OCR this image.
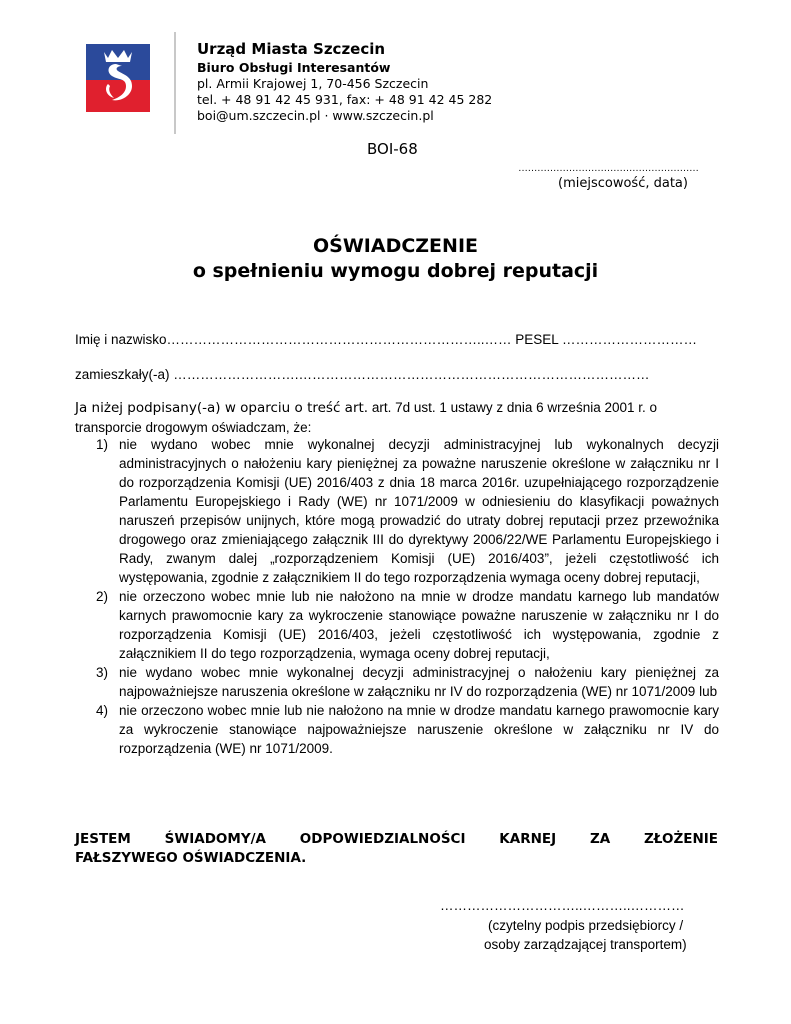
Urząd Miasta Szczecin
Biuro Obsługi Interesantów
pl. Armii Krajowej 1, 70-456 Szczecin
tel. + 48 91 42 45 931, fax: + 48 91 42 45 282
boi@um.szczecin.pl · www.szczecin.pl
BOI-68
…………………………………………………
(miejscowość, data)
OŚWIADCZENIE
o spełnieniu wymogu dobrej reputacji
Imię i nazwisko……………………………………………………………..…… PESEL …………………………
zamieszkały(-a) ……………………….……………………………………………………………………
Ja niżej podpisany(-a) w oparciu o treść art. art. 7d ust. 1 ustawy z dnia 6 września 2001 r. o transporcie drogowym oświadczam, że:
1) nie wydano wobec mnie wykonalnej decyzji administracyjnej lub wykonalnych decyzji administracyjnych o nałożeniu kary pieniężnej za poważne naruszenie określone w załączniku nr I do rozporządzenia Komisji (UE) 2016/403 z dnia 18 marca 2016r. uzupełniającego rozporządzenie Parlamentu Europejskiego i Rady (WE) nr 1071/2009 w odniesieniu do klasyfikacji poważnych naruszeń przepisów unijnych, które mogą prowadzić do utraty dobrej reputacji przez przewoźnika drogowego oraz zmieniającego załącznik III do dyrektywy 2006/22/WE Parlamentu Europejskiego i Rady, zwanym dalej „rozporządzeniem Komisji (UE) 2016/403”, jeżeli częstotliwość ich występowania, zgodnie z załącznikiem II do tego rozporządzenia wymaga oceny dobrej reputacji,
2) nie orzeczono wobec mnie lub nie nałożono na mnie w drodze mandatu karnego lub mandatów karnych prawomocnie kary za wykroczenie stanowiące poważne naruszenie w załączniku nr I do rozporządzenia Komisji (UE) 2016/403, jeżeli częstotliwość ich występowania, zgodnie z załącznikiem II do tego rozporządzenia, wymaga oceny dobrej reputacji,
3) nie wydano wobec mnie wykonalnej decyzji administracyjnej o nałożeniu kary pieniężnej za najpoważniejsze naruszenia określone w załączniku nr IV do rozporządzenia (WE) nr 1071/2009 lub
4) nie orzeczono wobec mnie lub nie nałożono na mnie w drodze mandatu karnego prawomocnie kary za wykroczenie stanowiące najpoważniejsze naruszenie określone w załączniku nr IV do rozporządzenia (WE) nr 1071/2009.
JESTEM ŚWIADOMY/A ODPOWIEDZIALNOŚCI KARNEJ ZA ZŁOŻENIE
FAŁSZYWEGO OŚWIADCZENIA.
…………………………..………..…………
(czytelny podpis przedsiębiorcy /
osoby zarządzającej transportem)
